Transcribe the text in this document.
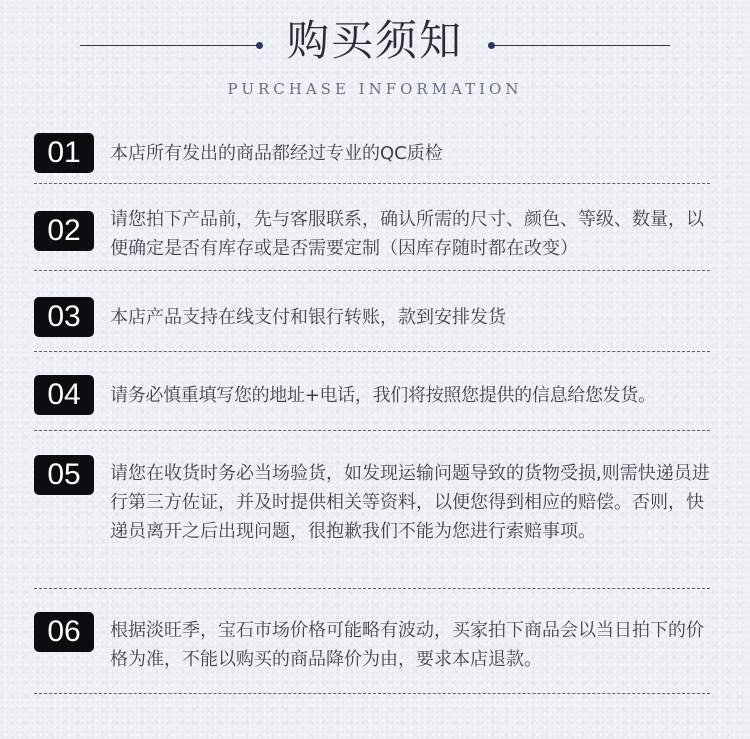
购买须知
PURCHASE INFORMATION
01	本店所有发出的商品都经过专业的QC质检
02	请您拍下产品前，先与客服联系，确认所需的尺寸、颜色、等级、数量，以便确定是否有库存或是否需要定制（因库存随时都在改变）
03	本店产品支持在线支付和银行转账，款到安排发货
04	请务必慎重填写您的地址+电话，我们将按照您提供的信息给您发货。
05	请您在收货时务必当场验货，如发现运输问题导致的货物受损,则需快递员进行第三方佐证，并及时提供相关等资料，以便您得到相应的赔偿。否则，快递员离开之后出现问题，很抱歉我们不能为您进行索赔事项。
06	根据淡旺季，宝石市场价格可能略有波动，买家拍下商品会以当日拍下的价格为准，不能以购买的商品降价为由，要求本店退款。
